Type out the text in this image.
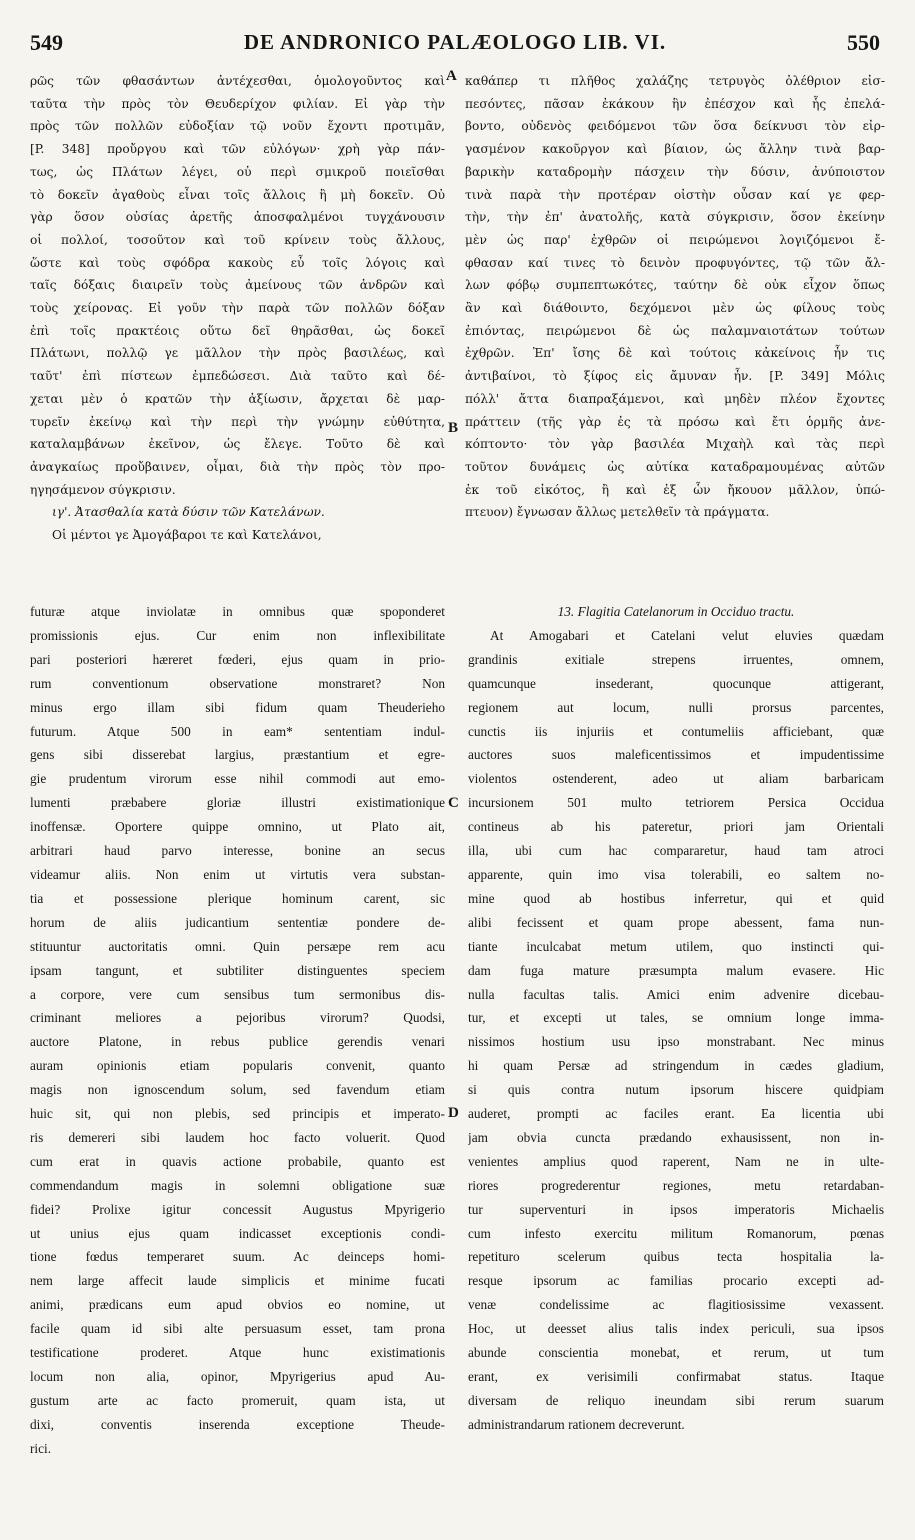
549	DE ANDRONICO PALÆOLOGO LIB. VI.	550
ρῶς τῶν φθασάντων ἀντέχεσθαι, ὁμολογοῦντος καὶ
ταῦτα τὴν πρὸς τὸν Θευδερίχον φιλίαν. Εἰ γὰρ τὴν
πρὸς τῶν πολλῶν εὐδοξίαν τῷ νοῦν ἔχοντι προτιμᾶν,
[P. 348] προὔργου καὶ τῶν εὐλόγων· χρὴ γὰρ πάν-
τως, ὡς Πλάτων λέγει, οὐ περὶ σμικροῦ ποιεῖσθαι
τὸ δοκεῖν ἀγαθοὺς εἶναι τοῖς ἄλλοις ἢ μὴ δοκεῖν. Οὐ
γὰρ ὅσον οὐσίας ἀρετῆς ἀποσφαλμένοι τυγχάνουσιν
οἱ πολλοί, τοσοῦτον καὶ τοῦ κρίνειν τοὺς ἄλλους,
ὥστε καὶ τοὺς σφόδρα κακοὺς εὖ τοῖς λόγοις καὶ
ταῖς δόξαις διαιρεῖν τοὺς ἀμείνους τῶν ἀνδρῶν καὶ
τοὺς χείρονας. Εἰ γοῦν τὴν παρὰ τῶν πολλῶν δόξαν
ἐπὶ τοῖς πρακτέοις οὕτω δεῖ θηρᾶσθαι, ὡς δοκεῖ
Πλάτωνι, πολλῷ γε μᾶλλον τὴν πρὸς βασιλέως, καὶ
ταῦτ' ἐπὶ πίστεων ἐμπεδώσεσι. Διὰ ταῦτο καὶ δέ-
χεται μὲν ὁ κρατῶν τὴν ἀξίωσιν, ἄρχεται δὲ μαρ-
τυρεῖν ἐκείνῳ καὶ τὴν περὶ τὴν γνώμην εὐθύτητα,
καταλαμβάνων ἐκεῖνον, ὡς ἔλεγε. Τοῦτο δὲ καὶ
ἀναγκαίως προὔβαινεν, οἶμαι, διὰ τὴν πρὸς τὸν προ-
ηγησάμενον σύγκρισιν.
ιγ'. Ἀτασθαλία κατὰ δύσιν τῶν Κατελάνων.
Οἱ μέντοι γε Ἀμογάβαροι τε καὶ Κατελάνοι,
καθάπερ τι πλῆθος χαλάζης τετρυγὸς ὀλέθριον εἰσ-
πεσόντες, πᾶσαν ἐκάκουν ἣν ἐπέσχον καὶ ἧς ἐπελά-
βοντο, οὐδενὸς φειδόμενοι τῶν ὅσα δείκνυσι τὸν εἰρ-
γασμένον κακοῦργον καὶ βίαιον, ὡς ἄλλην τινὰ βαρ-
βαρικὴν καταδρομὴν πάσχειν τὴν δύσιν, ἀνύποιστον
τινὰ παρὰ τὴν προτέραν οἰστὴν οὖσαν καί γε φερ-
τὴν, τὴν ἐπ' ἀνατολῆς, κατὰ σύγκρισιν, ὅσον ἐκείνην
μὲν ὡς παρ' ἐχθρῶν οἱ πειρώμενοι λογιζόμενοι ἔ-
φθασαν καί τινες τὸ δεινὸν προφυγόντες, τῷ τῶν ἄλ-
λων φόβῳ συμπεπτωκότες, ταύτην δὲ οὐκ εἶχον ὅπως
ἂν καὶ διάθοιντο, δεχόμενοι μὲν ὡς φίλους τοὺς
ἐπιόντας, πειρώμενοι δὲ ὡς παλαμναιοτάτων τούτων
ἐχθρῶν. Ἐπ' ἴσης δὲ καὶ τούτοις κἀκείνοις ἦν τις
ἀντιβαίνοι, τὸ ξίφος εἰς ἄμυναν ἦν. [P. 349] Μόλις
πόλλ' ἄττα διαπραξάμενοι, καὶ μηδὲν πλέον ἔχοντες
πράττειν (τῆς γὰρ ἐς τὰ πρόσω καὶ ἔτι ὁρμῆς ἀνε-
κόπτοντο· τὸν γὰρ βασιλέα Μιχαὴλ καὶ τὰς περὶ
τοῦτον δυνάμεις ὡς αὐτίκα καταδραμουμένας αὐτῶν
ἐκ τοῦ εἰκότος, ἢ καὶ ἐξ ὧν ἤκουον μᾶλλον, ὑπώ-
πτευον) ἔγνωσαν ἄλλως μετελθεῖν τὰ πράγματα.
futuræ atque inviolatæ in omnibus quæ spoponderet
promissionis ejus. Cur enim non inflexibilitate
pari posteriori hæreret fœderi, ejus quam in prio-
rum conventionum observatione monstraret? Non
minus ergo illam sibi fidum quam Theuderieho
futurum. Atque 500 in eam* sententiam indul-
gens sibi disserebat largius, præstantium et egre-
gie prudentum virorum esse nihil commodi aut emo-
lumenti præbabere gloriæ illustri existimationique
inoffensæ. Oportere quippe omnino, ut Plato ait,
arbitrari haud parvo interesse, bonine an secus
videamur aliis. Non enim ut virtutis vera substan-
tia et possessione plerique hominum carent, sic
horum de aliis judicantium sententiæ pondere de-
stituuntur auctoritatis omni. Quin persæpe rem acu
ipsam tangunt, et subtiliter distinguentes speciem
a corpore, vere cum sensibus tum sermonibus dis-
criminant meliores a pejoribus virorum? Quodsi,
auctore Platone, in rebus publice gerendis venari
auram opinionis etiam popularis convenit, quanto
magis non ignoscendum solum, sed favendum etiam
huic sit, qui non plebis, sed principis et imperato-
ris demereri sibi laudem hoc facto voluerit. Quod
cum erat in quavis actione probabile, quanto est
commendandum magis in solemni obligatione suæ
fidei? Prolixe igitur concessit Augustus Mpyrigerio
ut unius ejus quam indicasset exceptionis condi-
tione fœdus temperaret suum. Ac deinceps homi-
nem large affecit laude simplicis et minime fucati
animi, prædicans eum apud obvios eo nomine, ut
facile quam id sibi alte persuasum esset, tam prona
testificatione proderet. Atque hunc existimationis
locum non alia, opinor, Mpyrigerius apud Au-
gustum arte ac facto promeruit, quam ista, ut
dixi, conventis inserenda exceptione Theude-
rici.
13. Flagitia Catelanorum in Occiduo tractu.
At Amogabari et Catelani velut eluvies quædam
grandinis exitiale strepens irruentes, omnem,
quamcunque insederant, quocunque attigerant,
regionem aut locum, nulli prorsus parcentes,
cunctis iis injuriis et contumeliis afficiebant, quæ
auctores suos maleficentissimos et impudentissime
violentos ostenderent, adeo ut aliam barbaricam
incursionem 501 multo tetriorem Persica Occidua
contineus ab his pateretur, priori jam Orientali
illa, ubi cum hac compararetur, haud tam atroci
apparente, quin imo visa tolerabili, eo saltem no-
mine quod ab hostibus inferretur, qui et quid
alibi fecissent et quam prope abessent, fama nun-
tiante inculcabat metum utilem, quo instincti qui-
dam fuga mature præsumpta malum evasere. Hic
nulla facultas talis. Amici enim advenire dicebau-
tur, et excepti ut tales, se omnium longe imma-
nissimos hostium usu ipso monstrabant. Nec minus
hi quam Persæ ad stringendum in cædes gladium,
si quis contra nutum ipsorum hiscere quidpiam
auderet, prompti ac faciles erant. Ea licentia ubi
jam obvia cuncta prædando exhausissent, non in-
venientes amplius quod raperent, Nam ne in ulte-
riores progrederentur regiones, metu retardaban-
tur superventuri in ipsos imperatoris Michaelis
cum infesto exercitu militum Romanorum, pœnas
repetituro scelerum quibus tecta hospitalia la-
resque ipsorum ac familias procario excepti ad-
venæ condelissime ac flagitiosissime vexassent.
Hoc, ut deesset alius talis index periculi, sua ipsos
abunde conscientia monebat, et rerum, ut tum
erant, ex verisimili confirmabat status. Itaque
diversam de reliquo ineundam sibi rerum suarum
administrandarum rationem decreverunt.
A
B
C
D
